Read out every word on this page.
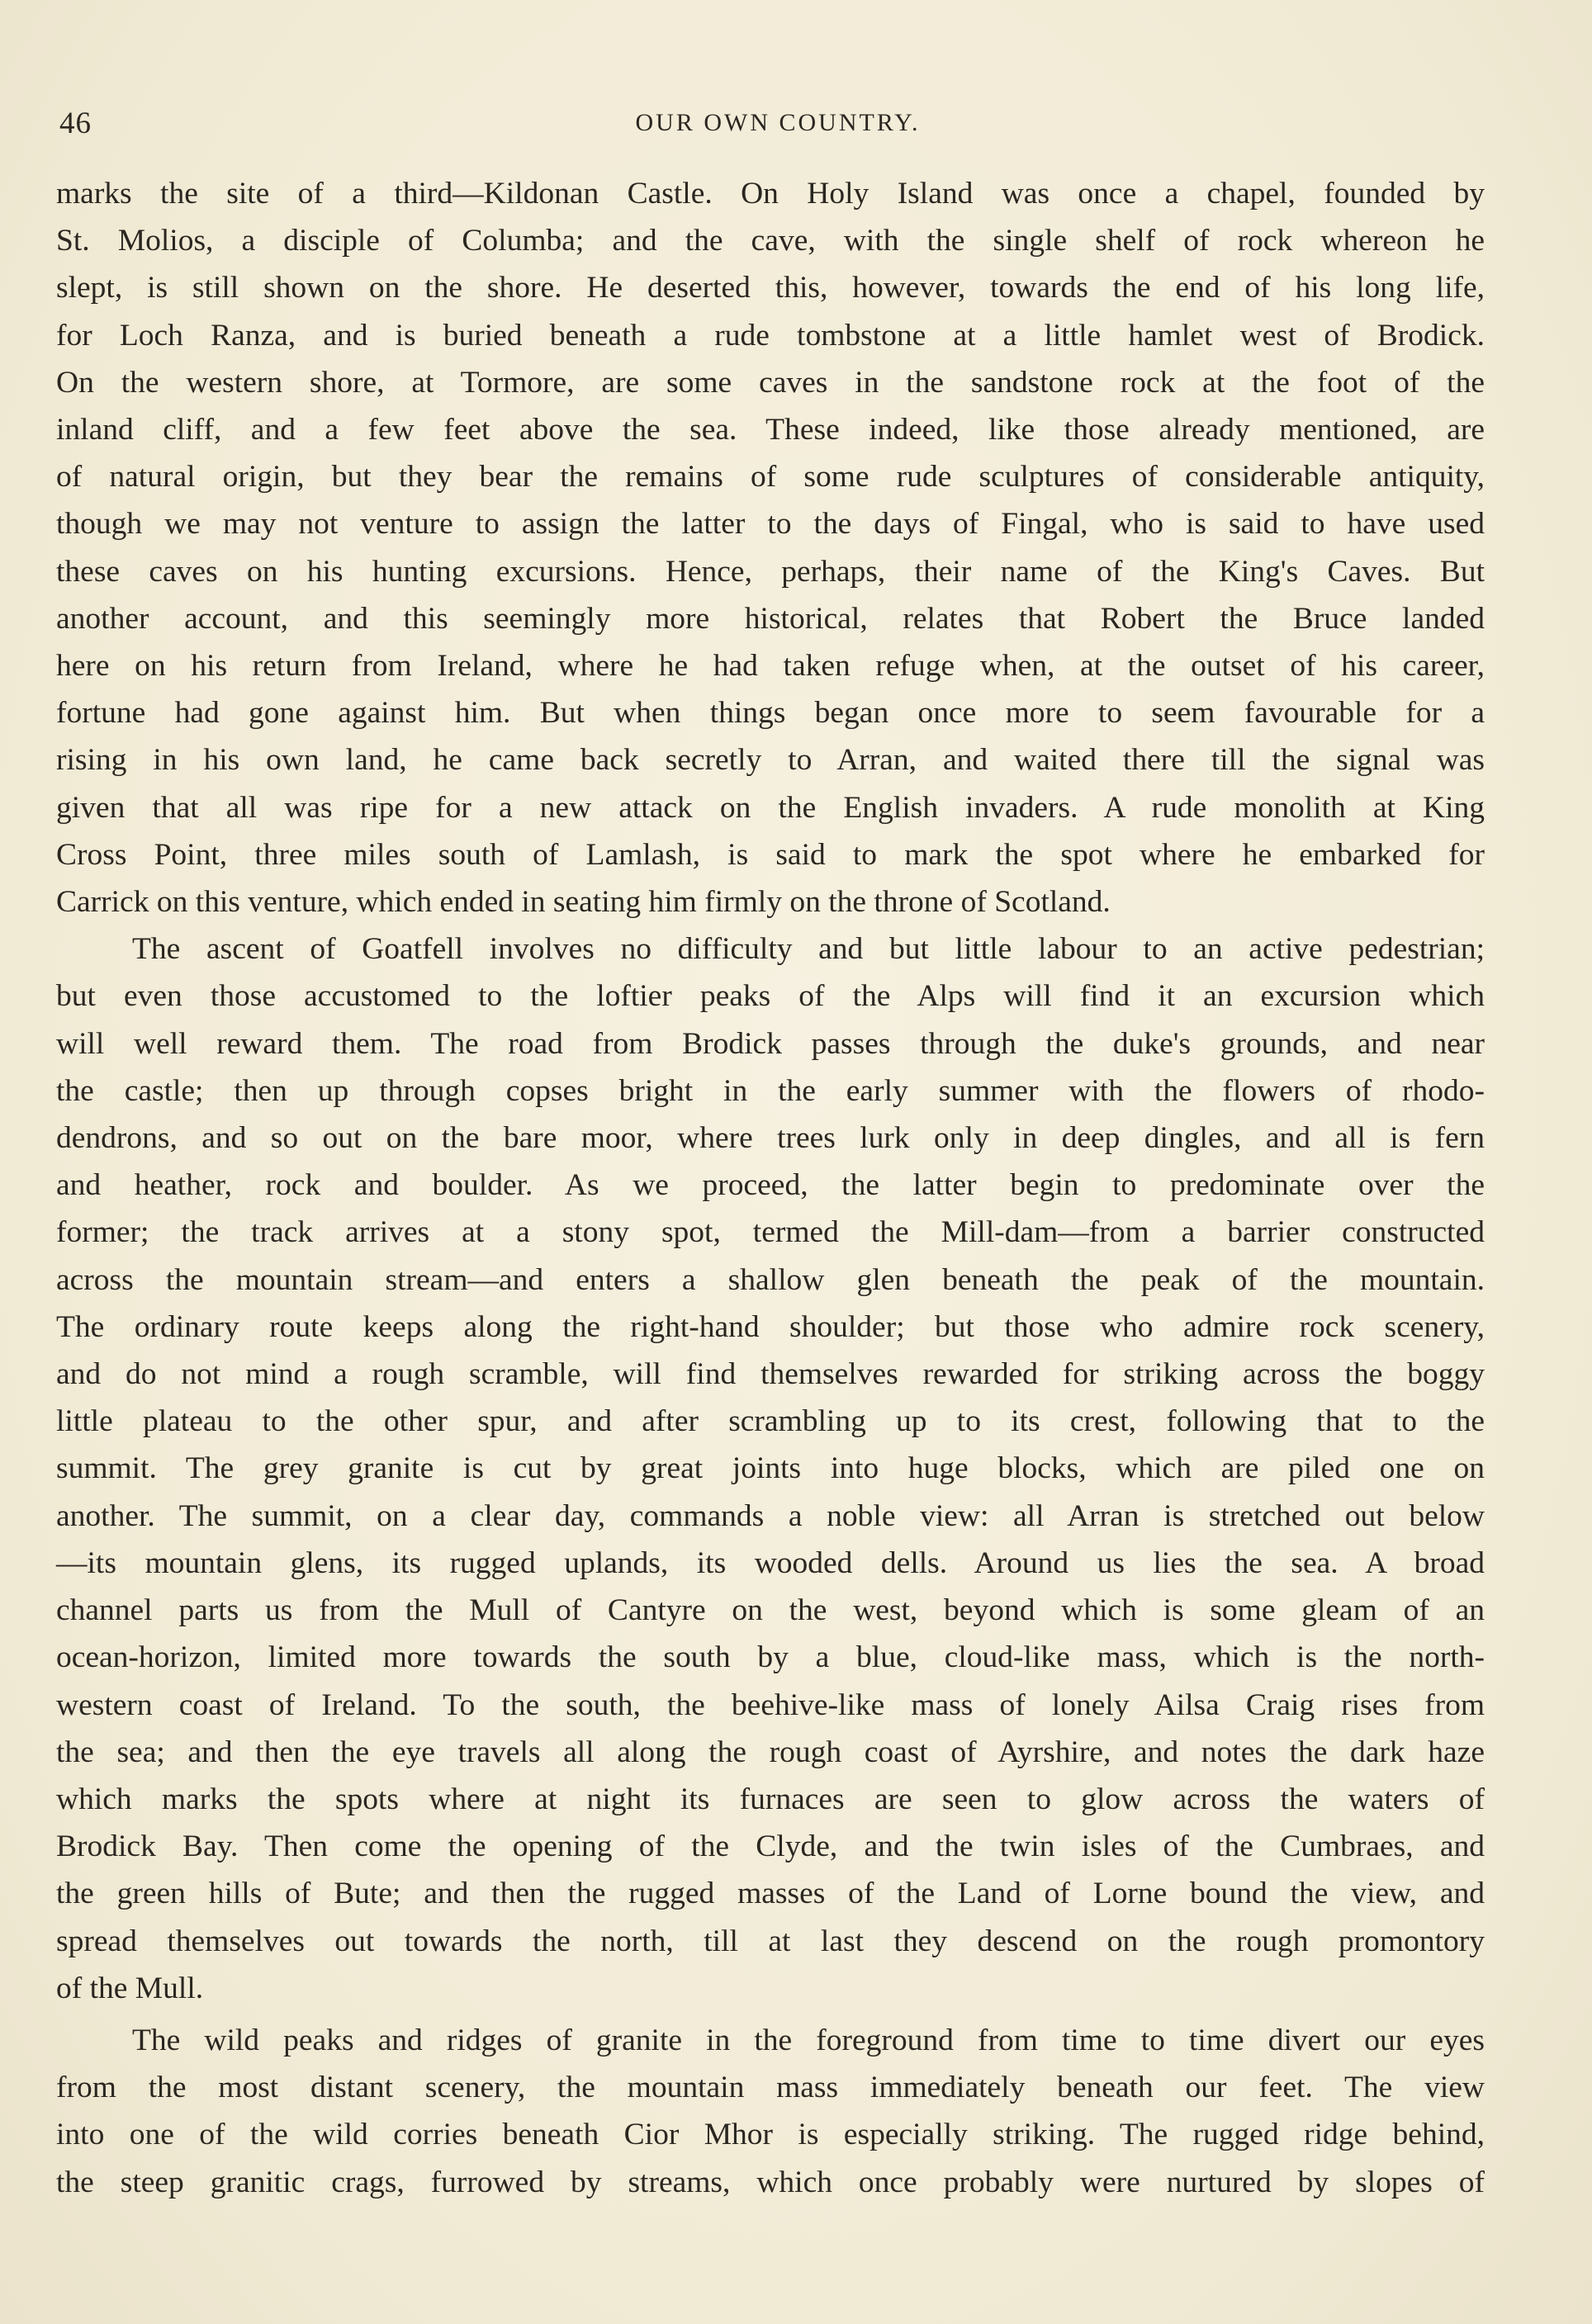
46	OUR OWN COUNTRY.
marks the site of a third—Kildonan Castle. On Holy Island was once a chapel, founded by
St. Molios, a disciple of Columba; and the cave, with the single shelf of rock whereon he
slept, is still shown on the shore. He deserted this, however, towards the end of his long life,
for Loch Ranza, and is buried beneath a rude tombstone at a little hamlet west of Brodick.
On the western shore, at Tormore, are some caves in the sandstone rock at the foot of the
inland cliff, and a few feet above the sea. These indeed, like those already mentioned, are
of natural origin, but they bear the remains of some rude sculptures of considerable antiquity,
though we may not venture to assign the latter to the days of Fingal, who is said to have used
these caves on his hunting excursions. Hence, perhaps, their name of the King's Caves. But
another account, and this seemingly more historical, relates that Robert the Bruce landed
here on his return from Ireland, where he had taken refuge when, at the outset of his career,
fortune had gone against him. But when things began once more to seem favourable for a
rising in his own land, he came back secretly to Arran, and waited there till the signal was
given that all was ripe for a new attack on the English invaders. A rude monolith at King
Cross Point, three miles south of Lamlash, is said to mark the spot where he embarked for
Carrick on this venture, which ended in seating him firmly on the throne of Scotland.
The ascent of Goatfell involves no difficulty and but little labour to an active pedestrian;
but even those accustomed to the loftier peaks of the Alps will find it an excursion which
will well reward them. The road from Brodick passes through the duke's grounds, and near
the castle; then up through copses bright in the early summer with the flowers of rhodo-
dendrons, and so out on the bare moor, where trees lurk only in deep dingles, and all is fern
and heather, rock and boulder. As we proceed, the latter begin to predominate over the
former; the track arrives at a stony spot, termed the Mill-dam—from a barrier constructed
across the mountain stream—and enters a shallow glen beneath the peak of the mountain.
The ordinary route keeps along the right-hand shoulder; but those who admire rock scenery,
and do not mind a rough scramble, will find themselves rewarded for striking across the boggy
little plateau to the other spur, and after scrambling up to its crest, following that to the
summit. The grey granite is cut by great joints into huge blocks, which are piled one on
another. The summit, on a clear day, commands a noble view: all Arran is stretched out below
—its mountain glens, its rugged uplands, its wooded dells. Around us lies the sea. A broad
channel parts us from the Mull of Cantyre on the west, beyond which is some gleam of an
ocean-horizon, limited more towards the south by a blue, cloud-like mass, which is the north-
western coast of Ireland. To the south, the beehive-like mass of lonely Ailsa Craig rises from
the sea; and then the eye travels all along the rough coast of Ayrshire, and notes the dark haze
which marks the spots where at night its furnaces are seen to glow across the waters of
Brodick Bay. Then come the opening of the Clyde, and the twin isles of the Cumbraes, and
the green hills of Bute; and then the rugged masses of the Land of Lorne bound the view, and
spread themselves out towards the north, till at last they descend on the rough promontory
of the Mull.
The wild peaks and ridges of granite in the foreground from time to time divert our eyes
from the most distant scenery, the mountain mass immediately beneath our feet. The view
into one of the wild corries beneath Cior Mhor is especially striking. The rugged ridge behind,
the steep granitic crags, furrowed by streams, which once probably were nurtured by slopes of
